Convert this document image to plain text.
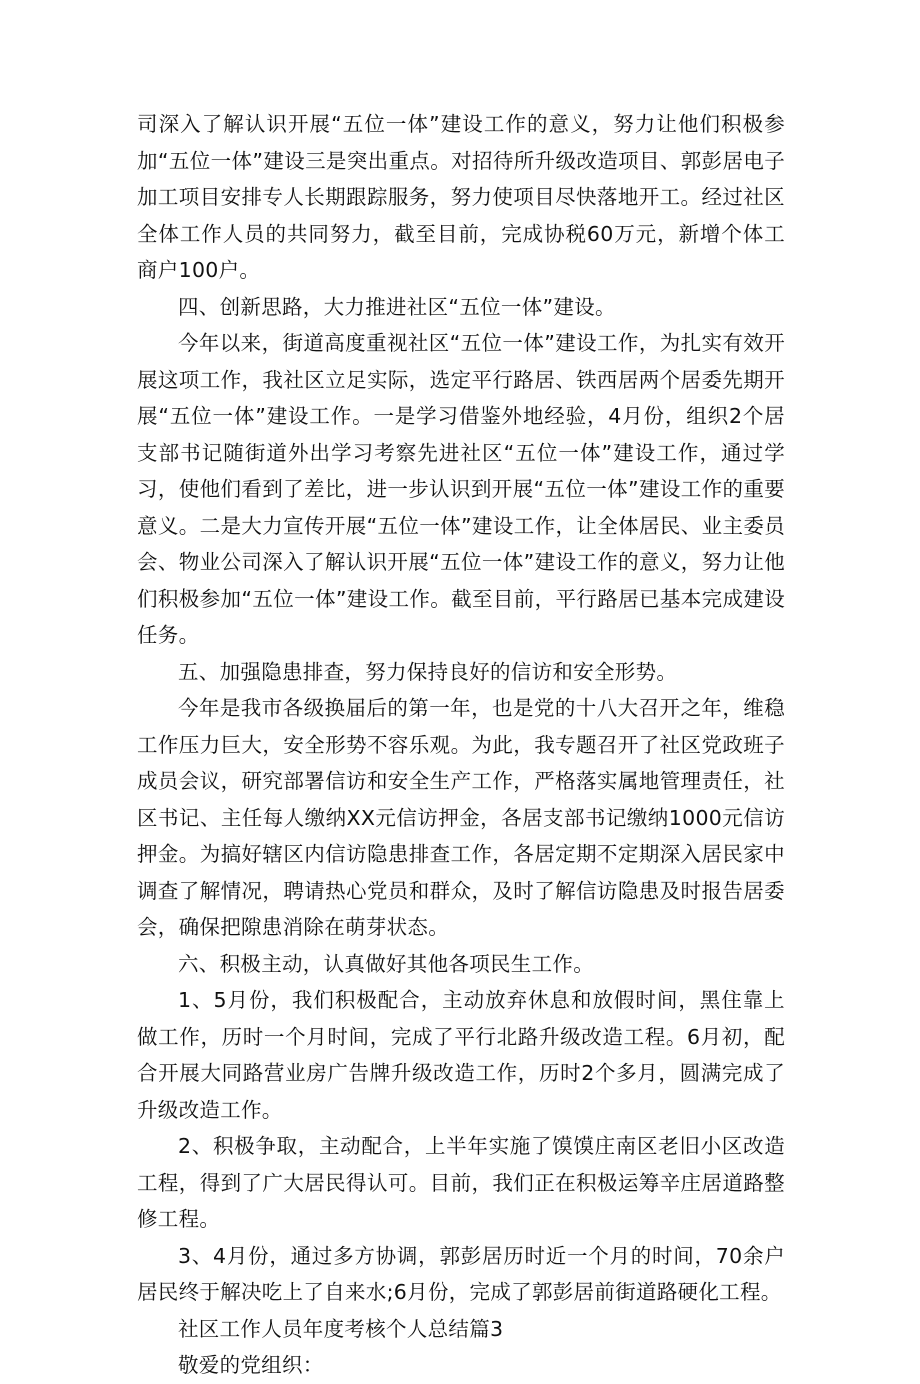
司深入了解认识开展“五位一体”建设工作的意义，努力让他们积极参加“五位一体”建设三是突出重点。对招待所升级改造项目、郭彭居电子加工项目安排专人长期跟踪服务，努力使项目尽快落地开工。经过社区全体工作人员的共同努力，截至目前，完成协税60万元，新增个体工商户100户。

四、创新思路，大力推进社区“五位一体”建设。

今年以来，街道高度重视社区“五位一体”建设工作，为扎实有效开展这项工作，我社区立足实际，选定平行路居、铁西居两个居委先期开展“五位一体”建设工作。一是学习借鉴外地经验，4月份，组织2个居支部书记随街道外出学习考察先进社区“五位一体”建设工作，通过学习，使他们看到了差比，进一步认识到开展“五位一体”建设工作的重要意义。二是大力宣传开展“五位一体”建设工作，让全体居民、业主委员会、物业公司深入了解认识开展“五位一体”建设工作的意义，努力让他们积极参加“五位一体”建设工作。截至目前，平行路居已基本完成建设任务。

五、加强隐患排查，努力保持良好的信访和安全形势。

今年是我市各级换届后的第一年，也是党的十八大召开之年，维稳工作压力巨大，安全形势不容乐观。为此，我专题召开了社区党政班子成员会议，研究部署信访和安全生产工作，严格落实属地管理责任，社区书记、主任每人缴纳XX元信访押金，各居支部书记缴纳1000元信访押金。为搞好辖区内信访隐患排查工作，各居定期不定期深入居民家中调查了解情况，聘请热心党员和群众，及时了解信访隐患及时报告居委会，确保把隙患消除在萌芽状态。

六、积极主动，认真做好其他各项民生工作。

1、5月份，我们积极配合，主动放弃休息和放假时间，黑住靠上做工作，历时一个月时间，完成了平行北路升级改造工程。6月初，配合开展大同路营业房广告牌升级改造工作，历时2个多月，圆满完成了升级改造工作。

2、积极争取，主动配合，上半年实施了馍馍庄南区老旧小区改造工程，得到了广大居民得认可。目前，我们正在积极运筹辛庄居道路整修工程。

3、4月份，通过多方协调，郭彭居历时近一个月的时间，70余户居民终于解决吃上了自来水;6月份，完成了郭彭居前街道路硬化工程。

社区工作人员年度考核个人总结篇3

敬爱的党组织：
